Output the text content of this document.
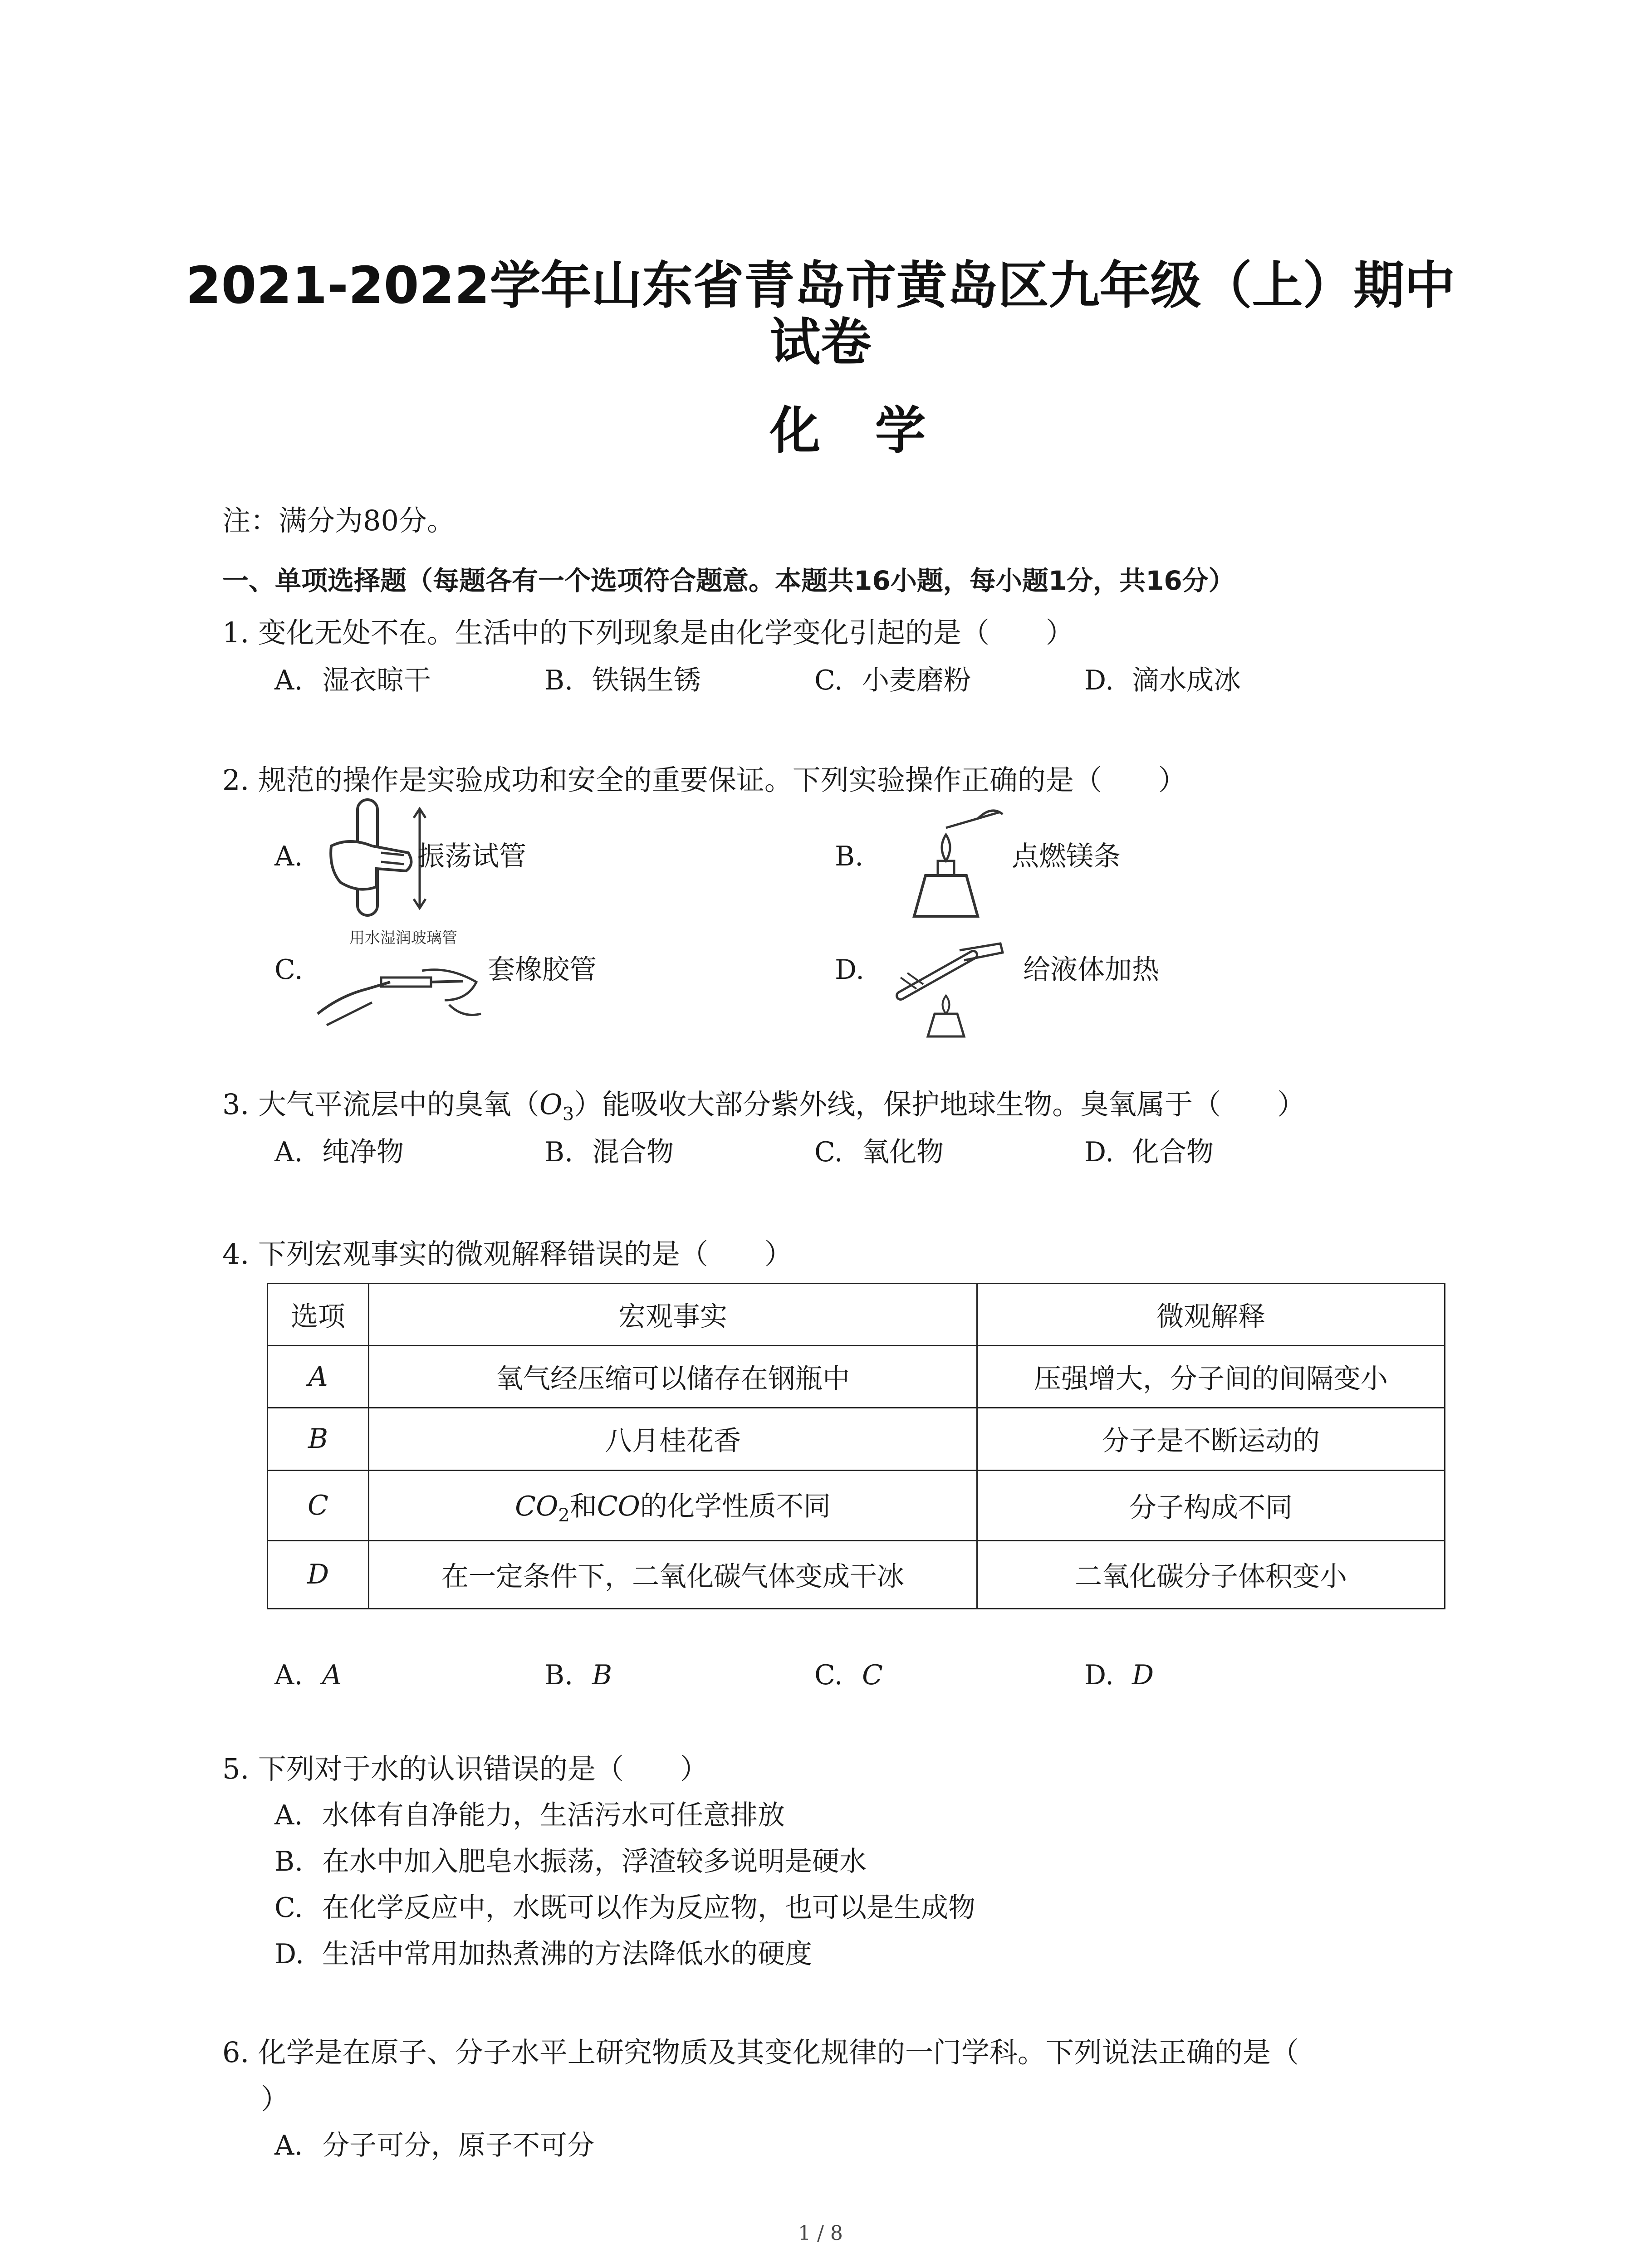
2021-2022学年山东省青岛市黄岛区九年级（上）期中
试卷
化学
注：满分为80分。
一、单项选择题（每题各有一个选项符合题意。本题共16小题，每小题1分，共16分）
1. 变化无处不在。生活中的下列现象是由化学变化引起的是（　　）
A. 湿衣晾干	B. 铁锅生锈	C. 小麦磨粉	D. 滴水成冰
2. 规范的操作是实验成功和安全的重要保证。下列实验操作正确的是（　　）
A.	振荡试管	B.	点燃镁条
C.
用水湿润玻璃管
套橡胶管	D.	给液体加热
3. 大气平流层中的臭氧$(O_3)$能吸收大部分紫外线，保护地球生物。臭氧属于（　　）
A. 纯净物	B. 混合物	C. 氧化物	D. 化合物
4. 下列宏观事实的微观解释错误的是（　　）
选项	宏观事实	微观解释
A	氧气经压缩可以储存在钢瓶中	压强增大，分子间的间隔变小
B	八月桂花香	分子是不断运动的
C	$CO_2$和CO的化学性质不同	分子构成不同
D	在一定条件下，二氧化碳气体变成干冰	二氧化碳分子体积变小
A. A	B. B	C. C	D. D
5. 下列对于水的认识错误的是（　　）
A. 水体有自净能力，生活污水可任意排放
B. 在水中加入肥皂水振荡，浮渣较多说明是硬水
C. 在化学反应中，水既可以作为反应物，也可以是生成物
D. 生活中常用加热煮沸的方法降低水的硬度
6. 化学是在原子、分子水平上研究物质及其变化规律的一门学科。下列说法正确的是（
）
A. 分子可分，原子不可分
1 / 8
